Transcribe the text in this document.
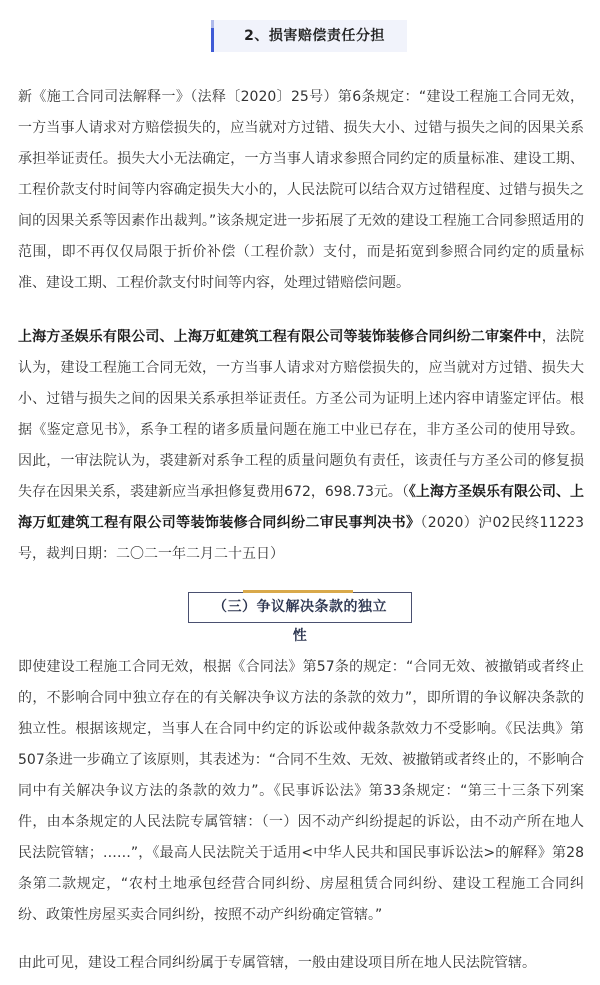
2、损害赔偿责任分担

新《施工合同司法解释一》（法释〔2020〕25号）第6条规定：“建设工程施工合同无效，一方当事人请求对方赔偿损失的，应当就对方过错、损失大小、过错与损失之间的因果关系承担举证责任。损失大小无法确定，一方当事人请求参照合同约定的质量标准、建设工期、工程价款支付时间等内容确定损失大小的，人民法院可以结合双方过错程度、过错与损失之间的因果关系等因素作出裁判。”该条规定进一步拓展了无效的建设工程施工合同参照适用的范围，即不再仅仅局限于折价补偿（工程价款）支付，而是拓宽到参照合同约定的质量标准、建设工期、工程价款支付时间等内容，处理过错赔偿问题。

上海方圣娱乐有限公司、上海万虹建筑工程有限公司等装饰装修合同纠纷二审案件中，法院认为，建设工程施工合同无效，一方当事人请求对方赔偿损失的，应当就对方过错、损失大小、过错与损失之间的因果关系承担举证责任。方圣公司为证明上述内容申请鉴定评估。根据《鉴定意见书》，系争工程的诸多质量问题在施工中业已存在，非方圣公司的使用导致。因此，一审法院认为，裘建新对系争工程的质量问题负有责任，该责任与方圣公司的修复损失存在因果关系，裘建新应当承担修复费用672，698.73元。（《上海方圣娱乐有限公司、上海万虹建筑工程有限公司等装饰装修合同纠纷二审民事判决书》（2020）沪02民终11223号，裁判日期：二〇二一年二月二十五日）

（三）争议解决条款的独立性

即使建设工程施工合同无效，根据《合同法》第57条的规定：“合同无效、被撤销或者终止的，不影响合同中独立存在的有关解决争议方法的条款的效力”，即所谓的争议解决条款的独立性。根据该规定，当事人在合同中约定的诉讼或仲裁条款效力不受影响。《民法典》第507条进一步确立了该原则，其表述为：“合同不生效、无效、被撤销或者终止的，不影响合同中有关解决争议方法的条款的效力”。《民事诉讼法》第33条规定：“第三十三条下列案件，由本条规定的人民法院专属管辖：（一）因不动产纠纷提起的诉讼，由不动产所在地人民法院管辖；……”，《最高人民法院关于适用<中华人民共和国民事诉讼法>的解释》第28条第二款规定，“农村土地承包经营合同纠纷、房屋租赁合同纠纷、建设工程施工合同纠纷、政策性房屋买卖合同纠纷，按照不动产纠纷确定管辖。”

由此可见，建设工程合同纠纷属于专属管辖，一般由建设项目所在地人民法院管辖。
